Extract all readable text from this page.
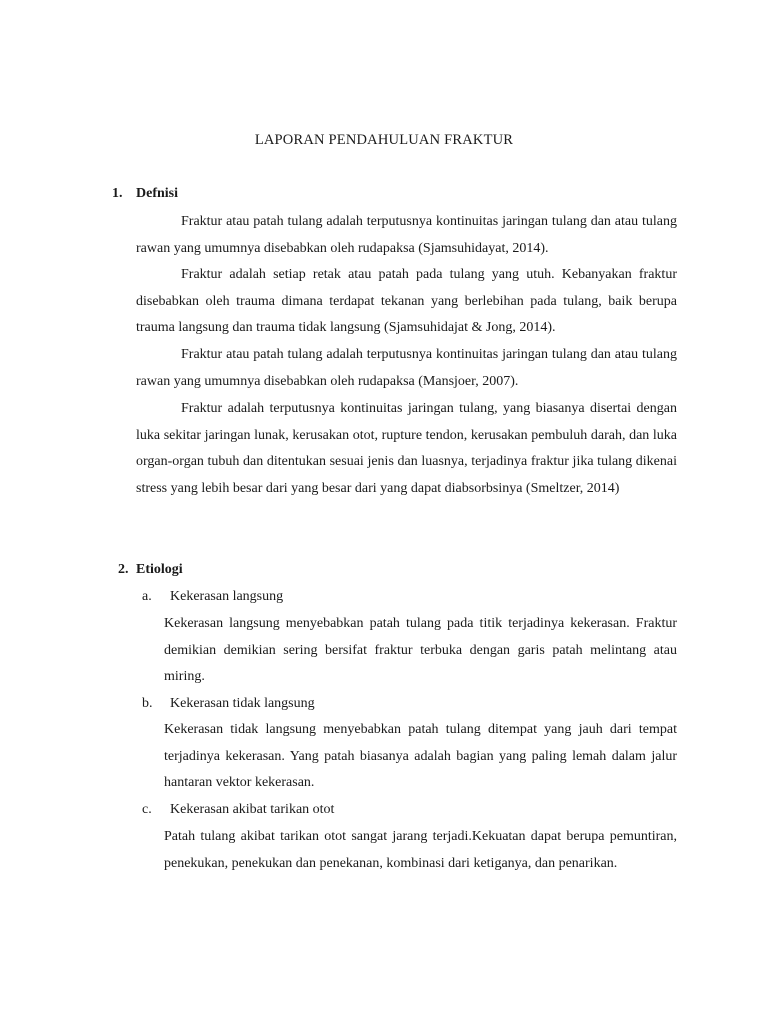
LAPORAN PENDAHULUAN FRAKTUR
1. Defnisi
Fraktur atau patah tulang adalah terputusnya kontinuitas jaringan tulang dan atau tulang rawan yang umumnya disebabkan oleh rudapaksa (Sjamsuhidayat, 2014).
Fraktur adalah setiap retak atau patah pada tulang yang utuh. Kebanyakan fraktur disebabkan oleh trauma dimana terdapat tekanan yang berlebihan pada tulang, baik berupa trauma langsung dan trauma tidak langsung (Sjamsuhidajat & Jong, 2014).
Fraktur atau patah tulang adalah terputusnya kontinuitas jaringan tulang dan atau tulang rawan yang umumnya disebabkan oleh rudapaksa (Mansjoer, 2007).
Fraktur adalah terputusnya kontinuitas jaringan tulang, yang biasanya disertai dengan luka sekitar jaringan lunak, kerusakan otot, rupture tendon, kerusakan pembuluh darah, dan luka organ-organ tubuh dan ditentukan sesuai jenis dan luasnya, terjadinya fraktur jika tulang dikenai stress yang lebih besar dari yang besar dari yang dapat diabsorbsinya (Smeltzer, 2014)
2. Etiologi
a. Kekerasan langsung
Kekerasan langsung menyebabkan patah tulang pada titik terjadinya kekerasan. Fraktur demikian demikian sering bersifat fraktur terbuka dengan garis patah melintang atau miring.
b. Kekerasan tidak langsung
Kekerasan tidak langsung menyebabkan patah tulang ditempat yang jauh dari tempat terjadinya kekerasan. Yang patah biasanya adalah bagian yang paling lemah dalam jalur hantaran vektor kekerasan.
c. Kekerasan akibat tarikan otot
Patah tulang akibat tarikan otot sangat jarang terjadi.Kekuatan dapat berupa pemuntiran, penekukan, penekukan dan penekanan, kombinasi dari ketiganya, dan penarikan.
